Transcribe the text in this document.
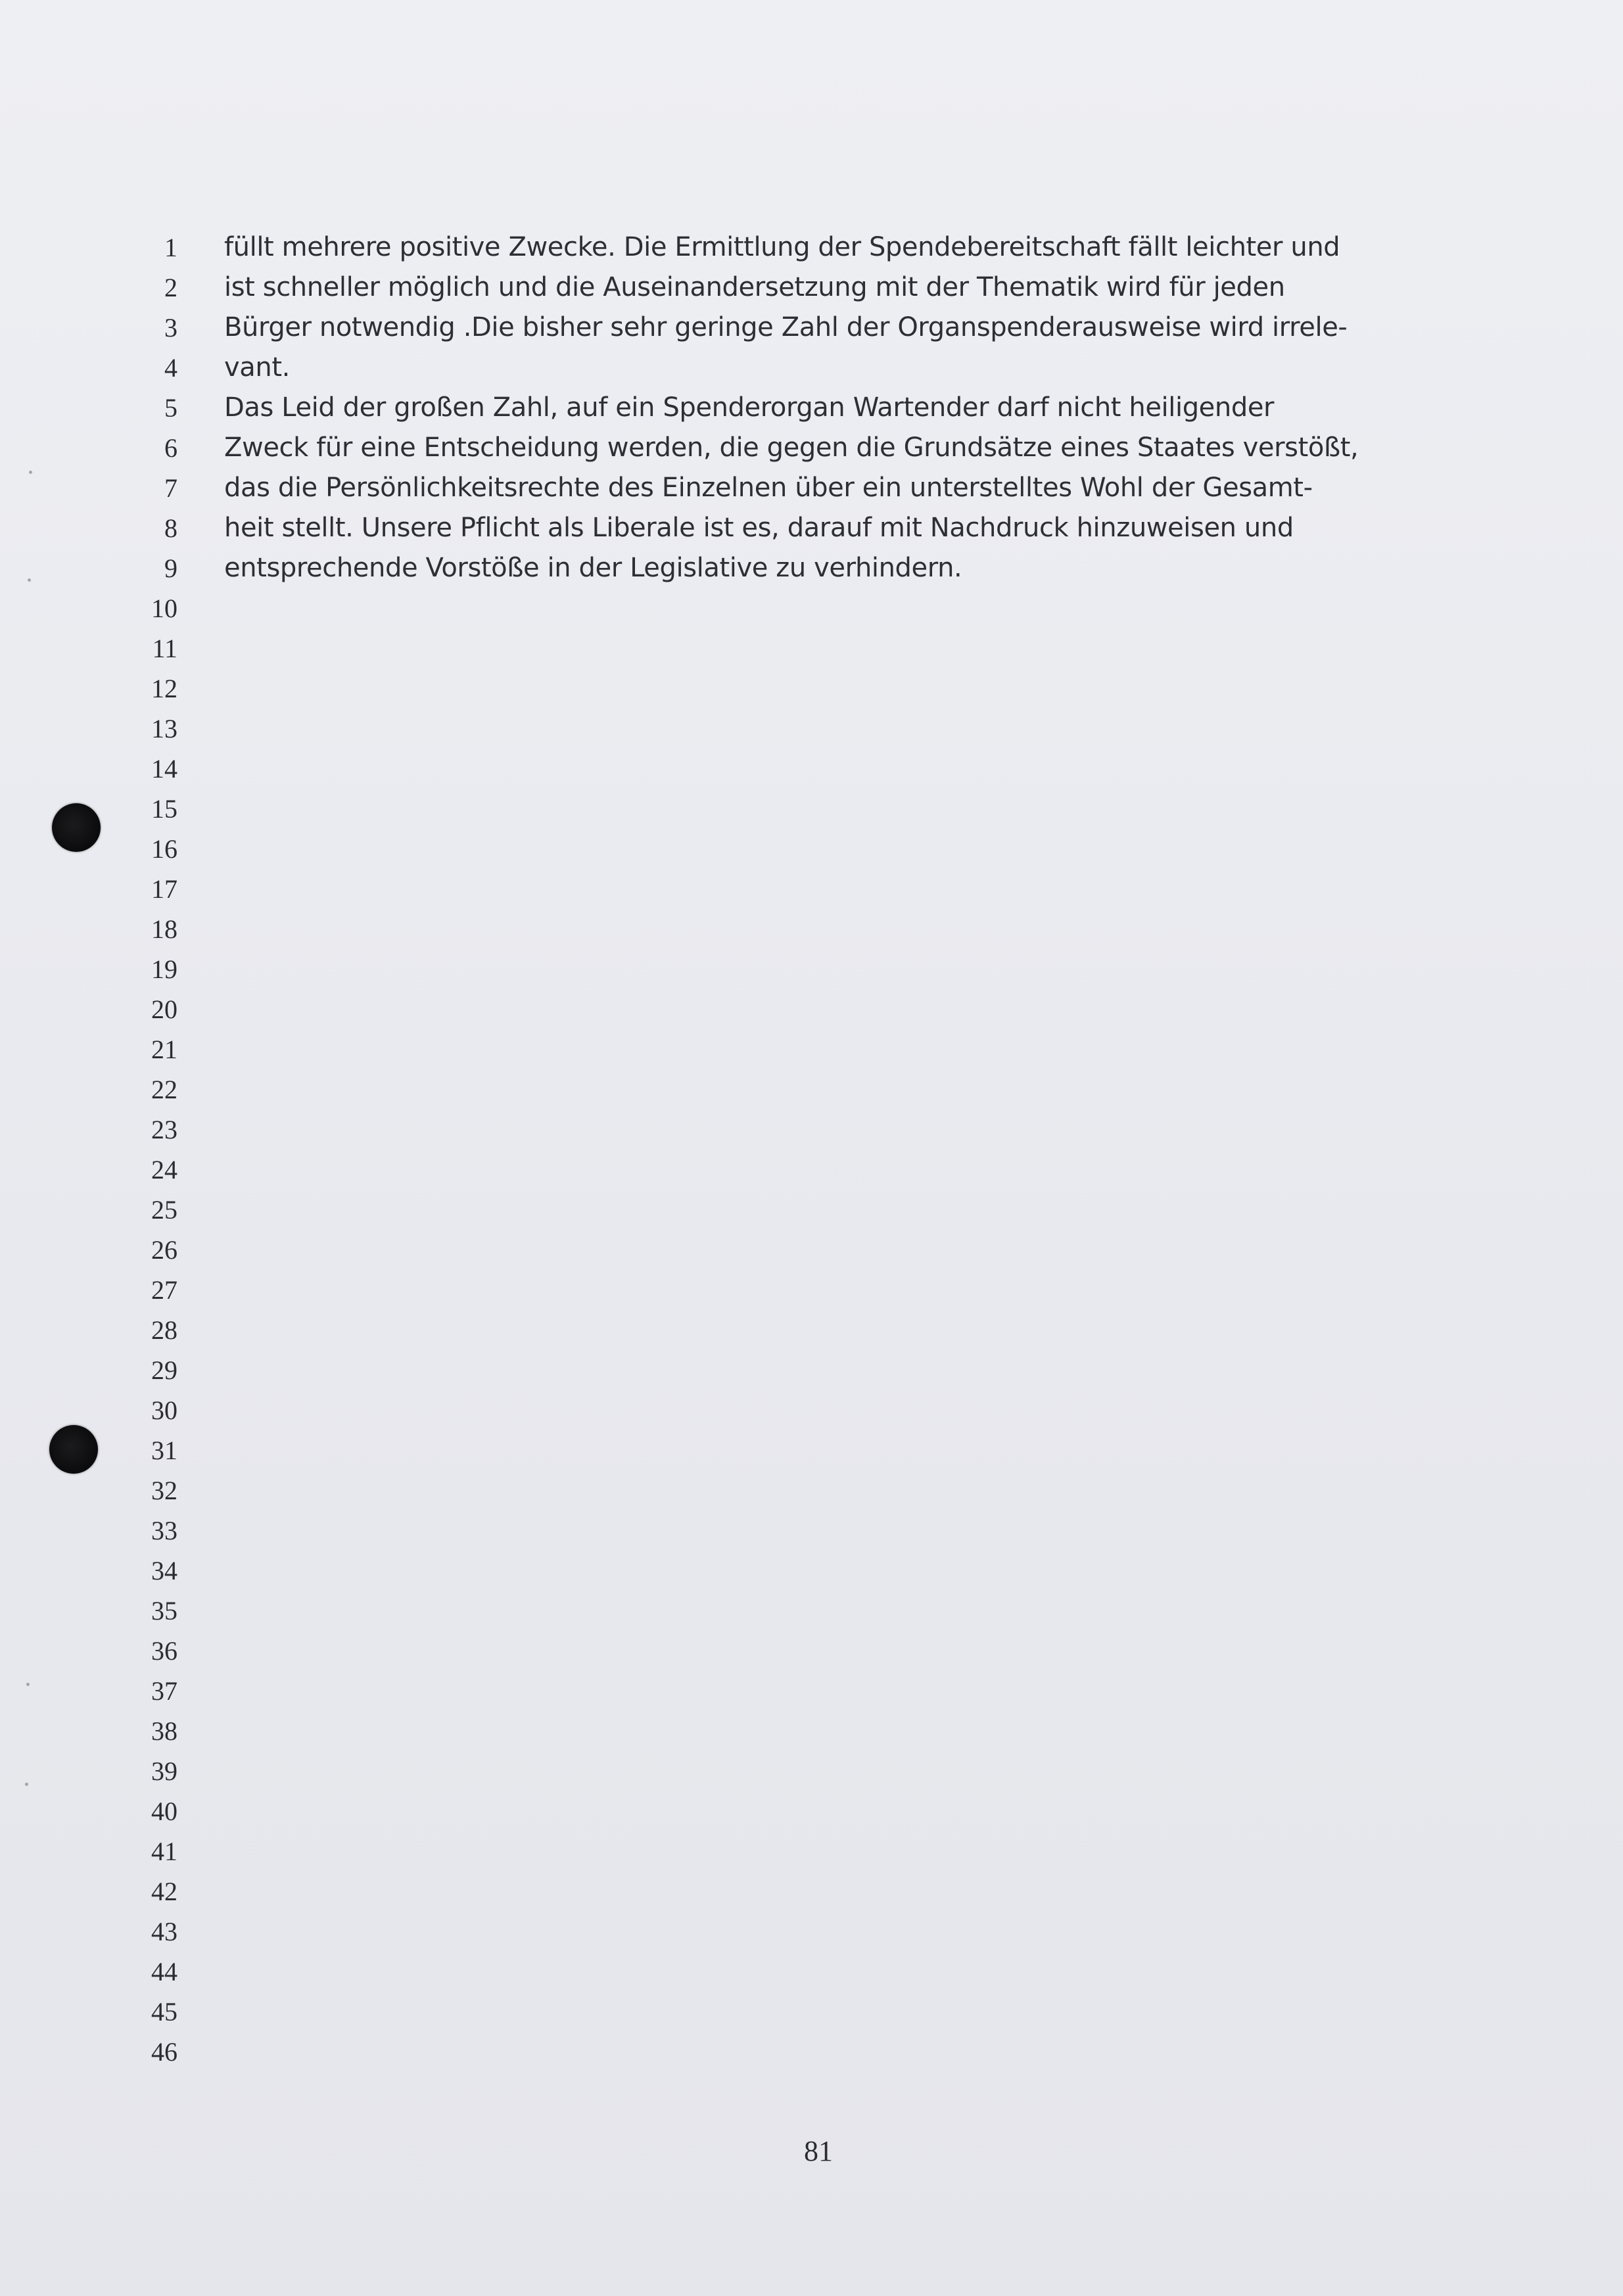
1
2
3
4
5
6
7
8
9
10
11
12
13
14
15
16
17
18
19
20
21
22
23
24
25
26
27
28
29
30
31
32
33
34
35
36
37
38
39
40
41
42
43
44
45
46
füllt mehrere positive Zwecke. Die Ermittlung der Spendebereitschaft fällt leichter und
ist schneller möglich und die Auseinandersetzung mit der Thematik wird für jeden
Bürger notwendig .Die bisher sehr geringe Zahl der Organspenderausweise wird irrele-
vant.
Das Leid der großen Zahl, auf ein Spenderorgan Wartender darf nicht heiligender
Zweck für eine Entscheidung werden, die gegen die Grundsätze eines Staates verstößt,
das die Persönlichkeitsrechte des Einzelnen über ein unterstelltes Wohl der Gesamt-
heit stellt. Unsere Pflicht als Liberale ist es, darauf mit Nachdruck hinzuweisen und
entsprechende Vorstöße in der Legislative zu verhindern.
81
